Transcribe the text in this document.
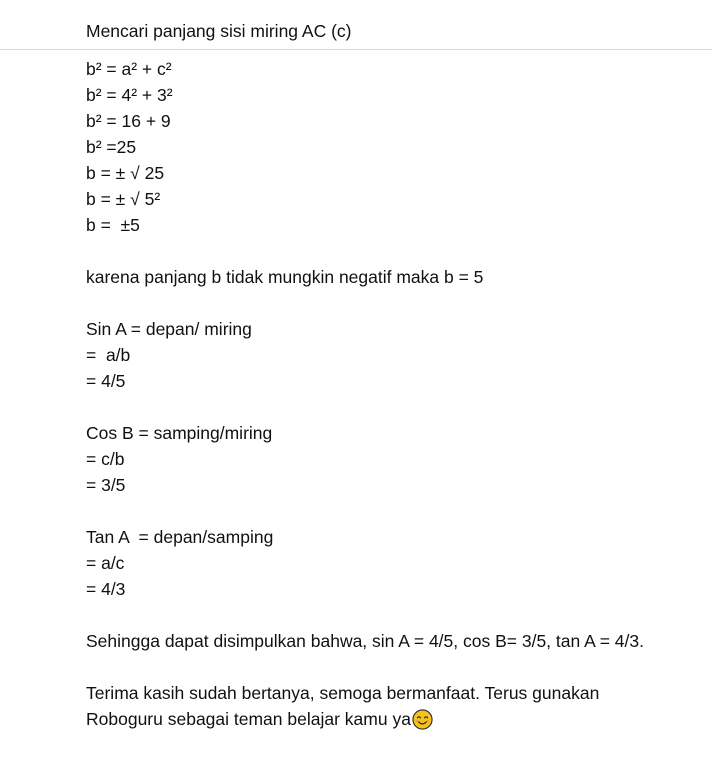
Mencari panjang sisi miring AC (c)
b² = a² + c²
b² = 4² + 3²
b² = 16 + 9
b² =25
b = ± √ 25
b = ± √ 5²
b =  ±5
karena panjang b tidak mungkin negatif maka b = 5
Sin A = depan/ miring
=  a/b
= 4/5
Cos B = samping/miring
= c/b
= 3/5
Tan A  = depan/samping
= a/c
= 4/3
Sehingga dapat disimpulkan bahwa, sin A = 4/5, cos B= 3/5, tan A = 4/3.
Terima kasih sudah bertanya, semoga bermanfaat. Terus gunakan Roboguru sebagai teman belajar kamu ya
